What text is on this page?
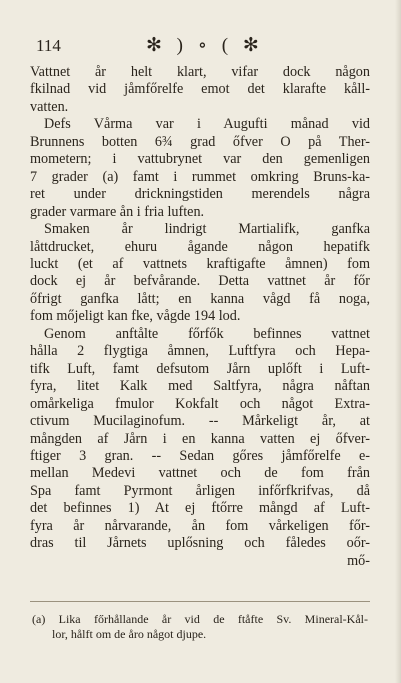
114	✻ ) ∘ ( ✻
Vattnet år helt klart, vifar dock någon
fkilnad vid jåmfőrelfe emot det klarafte kåll-
vatten.
Defs Vårma var i Augufti månad vid
Brunnens botten 6¾ grad őfver O på Ther-
mometern; i vattubrynet var den gemenligen
7 grader (a) famt i rummet omkring Bruns-ka-
ret under drickningstiden merendels några
grader varmare ån i fria luften.
Smaken år lindrigt Martialifk, ganfka
låttdrucket, ehuru ågande någon hepatifk
luckt (et af vattnets kraftigafte åmnen) fom
dock ej år befvårande. Detta vattnet år főr
őfrigt ganfka lått; en kanna vågd få noga,
fom mőjeligt kan fke, vågde 194 lod.
Genom anftålte főrfők befinnes vattnet
hålla 2 flygtiga åmnen, Luftfyra och Hepa-
tifk Luft, famt defsutom Jårn uplőft i Luft-
fyra, litet Kalk med Saltfyra, några nåftan
omårkeliga fmulor Kokfalt och något Extra-
ctivum Mucilaginofum. -- Mårkeligt år, at
mångden af Jårn i en kanna vatten ej őfver-
ftiger 3 gran. -- Sedan gőres jåmfőrelfe e-
mellan Medevi vattnet och de fom från
Spa famt Pyrmont årligen infőrfkrifvas, då
det befinnes 1) At ej ftőrre mångd af Luft-
fyra år nårvarande, ån fom vårkeligen főr-
dras til Jårnets uplősning och fåledes oőr-
mő-
(a) Lika főrhållande år vid de ftåfte Sv. Mineral-Kål-
lor, hålft om de åro något djupe.
